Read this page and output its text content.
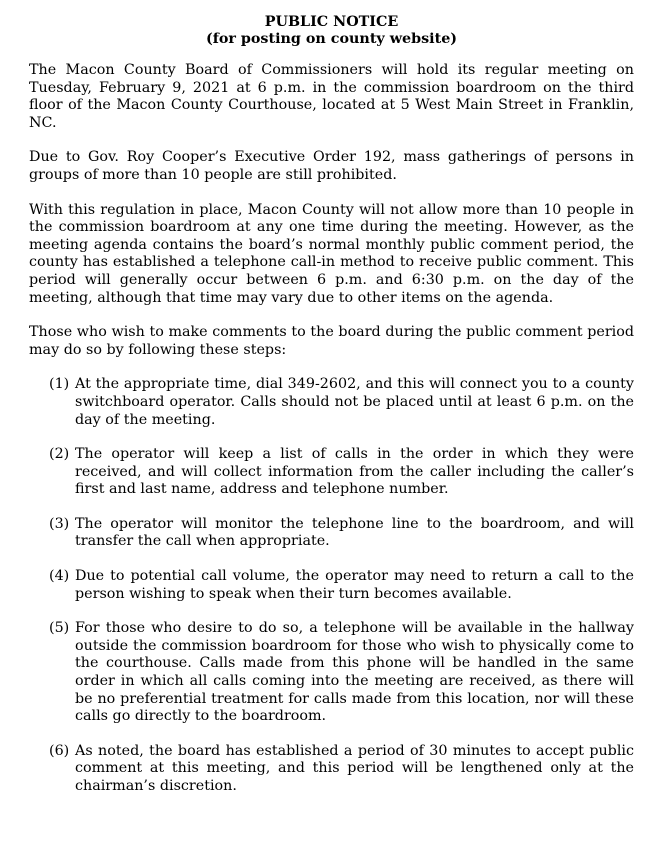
PUBLIC NOTICE
(for posting on county website)

The Macon County Board of Commissioners will hold its regular meeting on Tuesday, February 9, 2021 at 6 p.m. in the commission boardroom on the third floor of the Macon County Courthouse, located at 5 West Main Street in Franklin, NC.

Due to Gov. Roy Cooper’s Executive Order 192, mass gatherings of persons in groups of more than 10 people are still prohibited.

With this regulation in place, Macon County will not allow more than 10 people in the commission boardroom at any one time during the meeting. However, as the meeting agenda contains the board’s normal monthly public comment period, the county has established a telephone call-in method to receive public comment. This period will generally occur between 6 p.m. and 6:30 p.m. on the day of the meeting, although that time may vary due to other items on the agenda.

Those who wish to make comments to the board during the public comment period may do so by following these steps:

(1) At the appropriate time, dial 349-2602, and this will connect you to a county switchboard operator. Calls should not be placed until at least 6 p.m. on the day of the meeting.
(2) The operator will keep a list of calls in the order in which they were received, and will collect information from the caller including the caller’s first and last name, address and telephone number.
(3) The operator will monitor the telephone line to the boardroom, and will transfer the call when appropriate.
(4) Due to potential call volume, the operator may need to return a call to the person wishing to speak when their turn becomes available.
(5) For those who desire to do so, a telephone will be available in the hallway outside the commission boardroom for those who wish to physically come to the courthouse. Calls made from this phone will be handled in the same order in which all calls coming into the meeting are received, as there will be no preferential treatment for calls made from this location, nor will these calls go directly to the boardroom.
(6) As noted, the board has established a period of 30 minutes to accept public comment at this meeting, and this period will be lengthened only at the chairman’s discretion.
